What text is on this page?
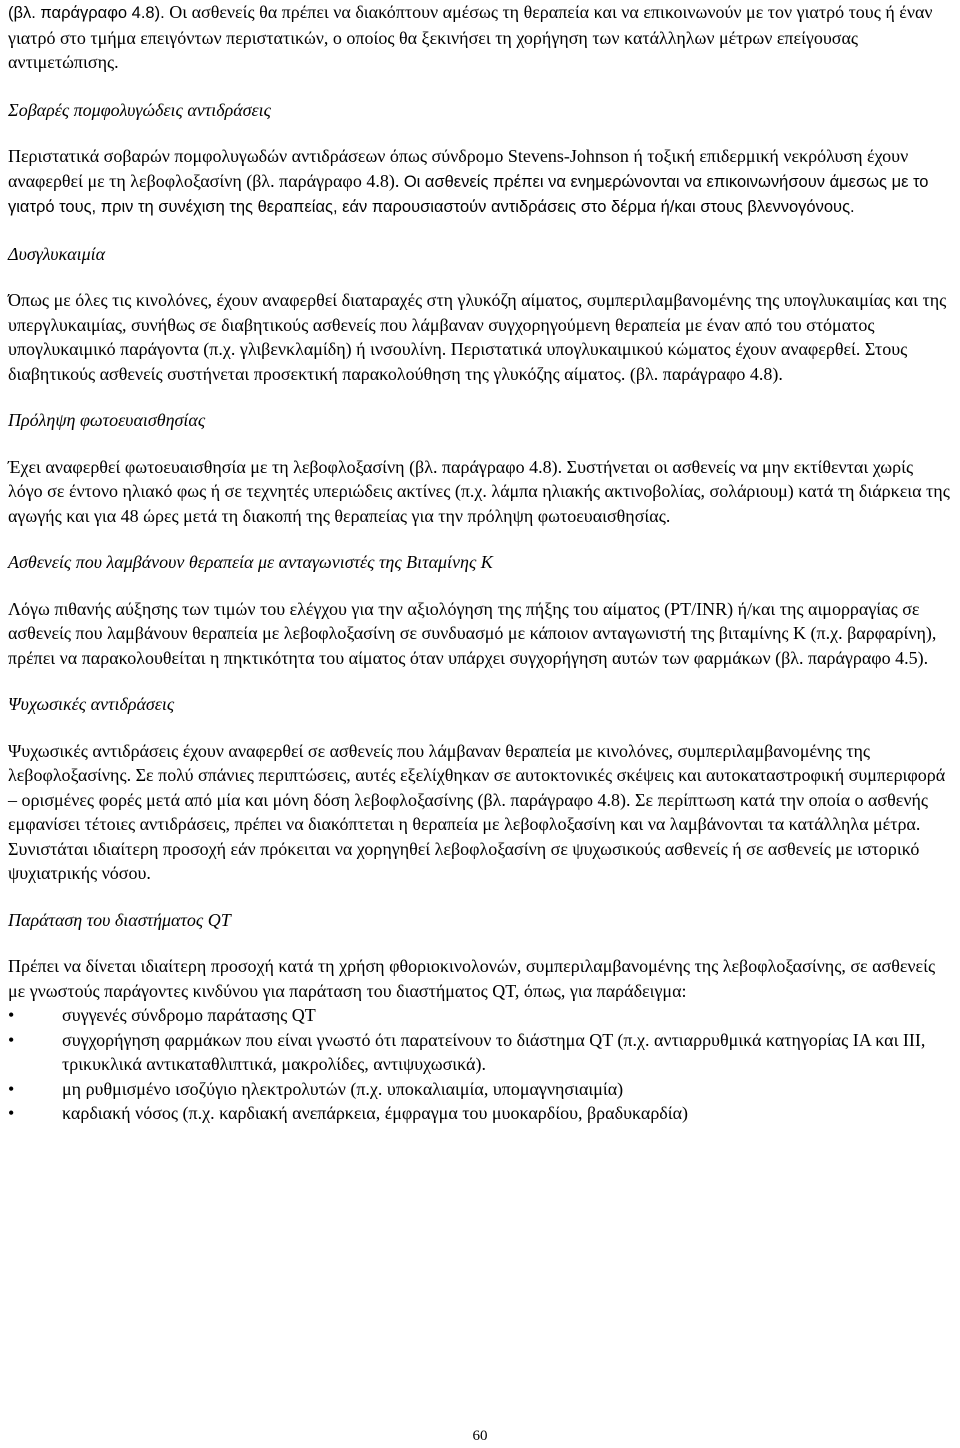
(βλ. παράγραφο 4.8). Οι ασθενείς θα πρέπει να διακόπτουν αμέσως τη θεραπεία και να επικοινωνούν με τον γιατρό τους ή έναν γιατρό στο τμήμα επειγόντων περιστατικών, ο οποίος θα ξεκινήσει τη χορήγηση των κατάλληλων μέτρων επείγουσας αντιμετώπισης.

Σοβαρές πομφολυγώδεις αντιδράσεις

Περιστατικά σοβαρών πομφολυγωδών αντιδράσεων όπως σύνδρομο Stevens-Johnson ή τοξική επιδερμική νεκρόλυση έχουν αναφερθεί με τη λεβοφλοξασίνη (βλ. παράγραφο 4.8). Οι ασθενείς πρέπει να ενημερώνονται να επικοινωνήσουν άμεσως με το γιατρό τους, πριν τη συνέχιση της θεραπείας, εάν παρουσιαστούν αντιδράσεις στο δέρμα ή/και στους βλεννογόνους.

Δυσγλυκαιμία

Όπως με όλες τις κινολόνες, έχουν αναφερθεί διαταραχές στη γλυκόζη αίματος, συμπεριλαμβανομένης της υπογλυκαιμίας και της υπεργλυκαιμίας, συνήθως σε διαβητικούς ασθενείς που λάμβαναν συγχορηγούμενη θεραπεία με έναν από του στόματος υπογλυκαιμικό παράγοντα (π.χ. γλιβενκλαμίδη) ή ινσουλίνη. Περιστατικά υπογλυκαιμικού κώματος έχουν αναφερθεί. Στους διαβητικούς ασθενείς συστήνεται προσεκτική παρακολούθηση της γλυκόζης αίματος. (βλ. παράγραφο 4.8).

Πρόληψη φωτοευαισθησίας

Έχει αναφερθεί φωτοευαισθησία με τη λεβοφλοξασίνη (βλ. παράγραφο 4.8). Συστήνεται οι ασθενείς να μην εκτίθενται χωρίς λόγο σε έντονο ηλιακό φως ή σε τεχνητές υπεριώδεις ακτίνες (π.χ. λάμπα ηλιακής ακτινοβολίας, σολάριουμ) κατά τη διάρκεια της αγωγής και για 48 ώρες μετά τη διακοπή της θεραπείας για την πρόληψη φωτοευαισθησίας.

Ασθενείς που λαμβάνουν θεραπεία με ανταγωνιστές της Βιταμίνης Κ

Λόγω πιθανής αύξησης των τιμών του ελέγχου για την αξιολόγηση της πήξης του αίματος (PT/INR) ή/και της αιμορραγίας σε ασθενείς που λαμβάνουν θεραπεία με λεβοφλοξασίνη σε συνδυασμό με κάποιον ανταγωνιστή της βιταμίνης Κ (π.χ. βαρφαρίνη), πρέπει να παρακολουθείται η πηκτικότητα του αίματος όταν υπάρχει συγχορήγηση αυτών των φαρμάκων (βλ. παράγραφο 4.5).

Ψυχωσικές αντιδράσεις

Ψυχωσικές αντιδράσεις έχουν αναφερθεί σε ασθενείς που λάμβαναν θεραπεία με κινολόνες, συμπεριλαμβανομένης της λεβοφλοξασίνης. Σε πολύ σπάνιες περιπτώσεις, αυτές εξελίχθηκαν σε αυτοκτονικές σκέψεις και αυτοκαταστροφική συμπεριφορά – ορισμένες φορές μετά από μία και μόνη δόση λεβοφλοξασίνης (βλ. παράγραφο 4.8). Σε περίπτωση κατά την οποία ο ασθενής εμφανίσει τέτοιες αντιδράσεις, πρέπει να διακόπτεται η θεραπεία με λεβοφλοξασίνη και να λαμβάνονται τα κατάλληλα μέτρα. Συνιστάται ιδιαίτερη προσοχή εάν πρόκειται να χορηγηθεί λεβοφλοξασίνη σε ψυχωσικούς ασθενείς ή σε ασθενείς με ιστορικό ψυχιατρικής νόσου.

Παράταση του διαστήματος QT

Πρέπει να δίνεται ιδιαίτερη προσοχή κατά τη χρήση φθοριοκινολονών, συμπεριλαμβανομένης της λεβοφλοξασίνης, σε ασθενείς με γνωστούς παράγοντες κινδύνου για παράταση του διαστήματος QT, όπως, για παράδειγμα:

•	συγγενές σύνδρομο παράτασης QT
•	συγχορήγηση φαρμάκων που είναι γνωστό ότι παρατείνουν το διάστημα QT (π.χ. αντιαρρυθμικά κατηγορίας IA και III, τρικυκλικά αντικαταθλιπτικά, μακρολίδες, αντιψυχωσικά).
•	μη ρυθμισμένο ισοζύγιο ηλεκτρολυτών (π.χ. υποκαλιαιμία, υπομαγνησιαιμία)
•	καρδιακή νόσος (π.χ. καρδιακή ανεπάρκεια, έμφραγμα του μυοκαρδίου, βραδυκαρδία)
60
